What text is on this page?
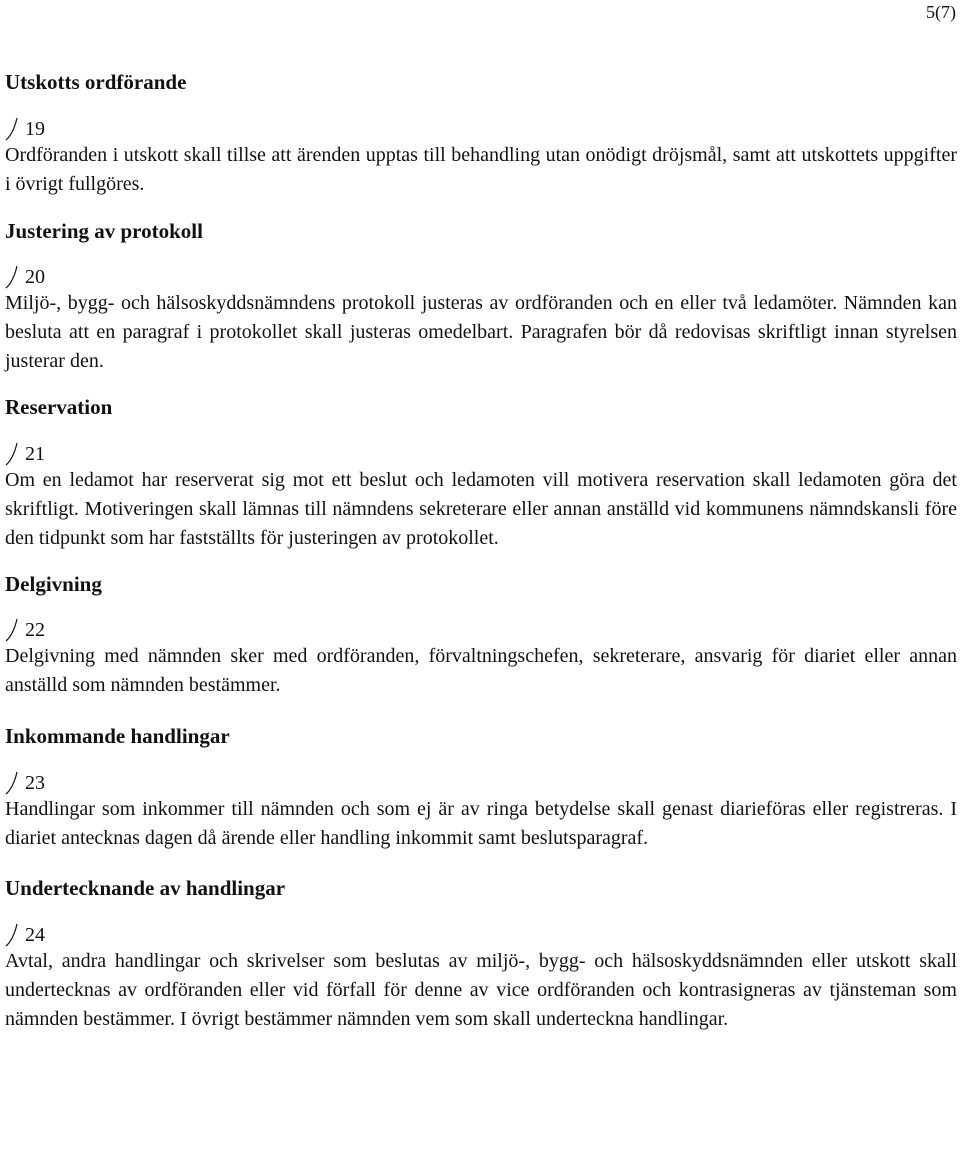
5(7)
Utskotts ordförande
19

Ordföranden i utskott skall tillse att ärenden upptas till behandling utan onödigt dröjsmål, samt att utskottets uppgifter i övrigt fullgöres.

Justering av protokoll
20

Miljö-, bygg- och hälsoskyddsnämndens protokoll justeras av ordföranden och en eller två ledamöter. Nämnden kan besluta att en paragraf i protokollet skall justeras omedelbart. Paragrafen bör då redovisas skriftligt innan styrelsen justerar den.

Reservation
21

Om en ledamot har reserverat sig mot ett beslut och ledamoten vill motivera reservation skall ledamoten göra det skriftligt. Motiveringen skall lämnas till nämndens sekreterare eller annan anställd vid kommunens nämndskansli före den tidpunkt som har fastställts för justeringen av protokollet.

Delgivning
22

Delgivning med nämnden sker med ordföranden, förvaltningschefen, sekreterare, ansvarig för diariet eller annan anställd som nämnden bestämmer.

Inkommande handlingar
23

Handlingar som inkommer till nämnden och som ej är av ringa betydelse skall genast diarieföras eller registreras. I diariet antecknas dagen då ärende eller handling inkommit samt beslutsparagraf.

Undertecknande av handlingar
24

Avtal, andra handlingar och skrivelser som beslutas av miljö-, bygg- och hälsoskyddsnämnden eller utskott skall undertecknas av ordföranden eller vid förfall för denne av vice ordföranden och kontrasigneras av tjänsteman som nämnden bestämmer. I övrigt bestämmer nämnden vem som skall underteckna handlingar.
